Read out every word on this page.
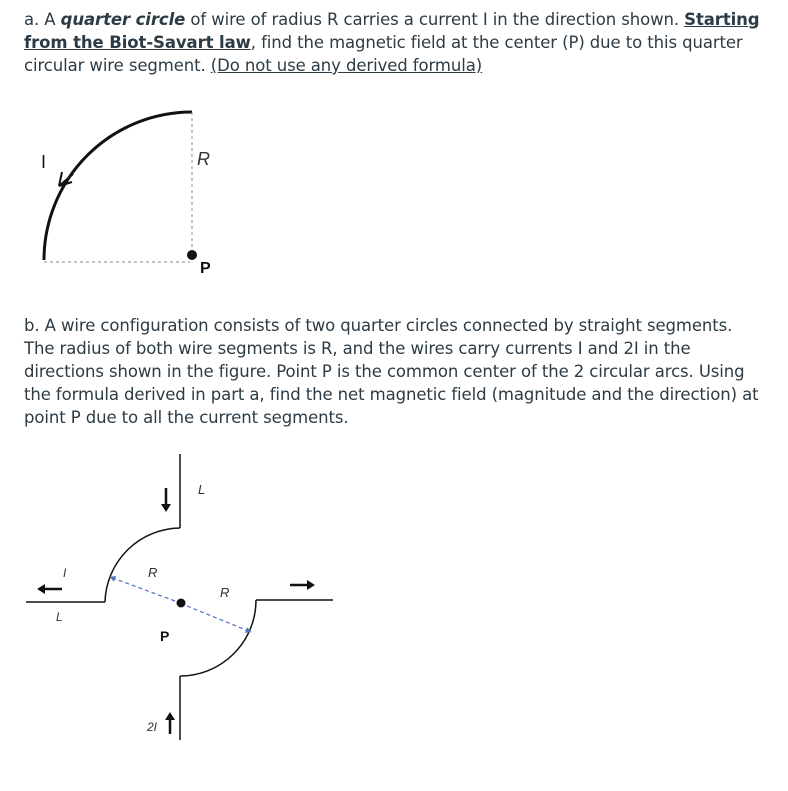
a. A quarter circle of wire of radius R carries a current I in the direction shown. Starting from the Biot-Savart law, find the magnetic field at the center (P) due to this quarter circular wire segment. (Do not use any derived formula)
I	R
P
L
I
L
R
R
P
2I
b. A wire configuration consists of two quarter circles connected by straight segments. The radius of both wire segments is R, and the wires carry currents I and 2I in the directions shown in the figure. Point P is the common center of the 2 circular arcs. Using the formula derived in part a, find the net magnetic field (magnitude and the direction) at point P due to all the current segments.
